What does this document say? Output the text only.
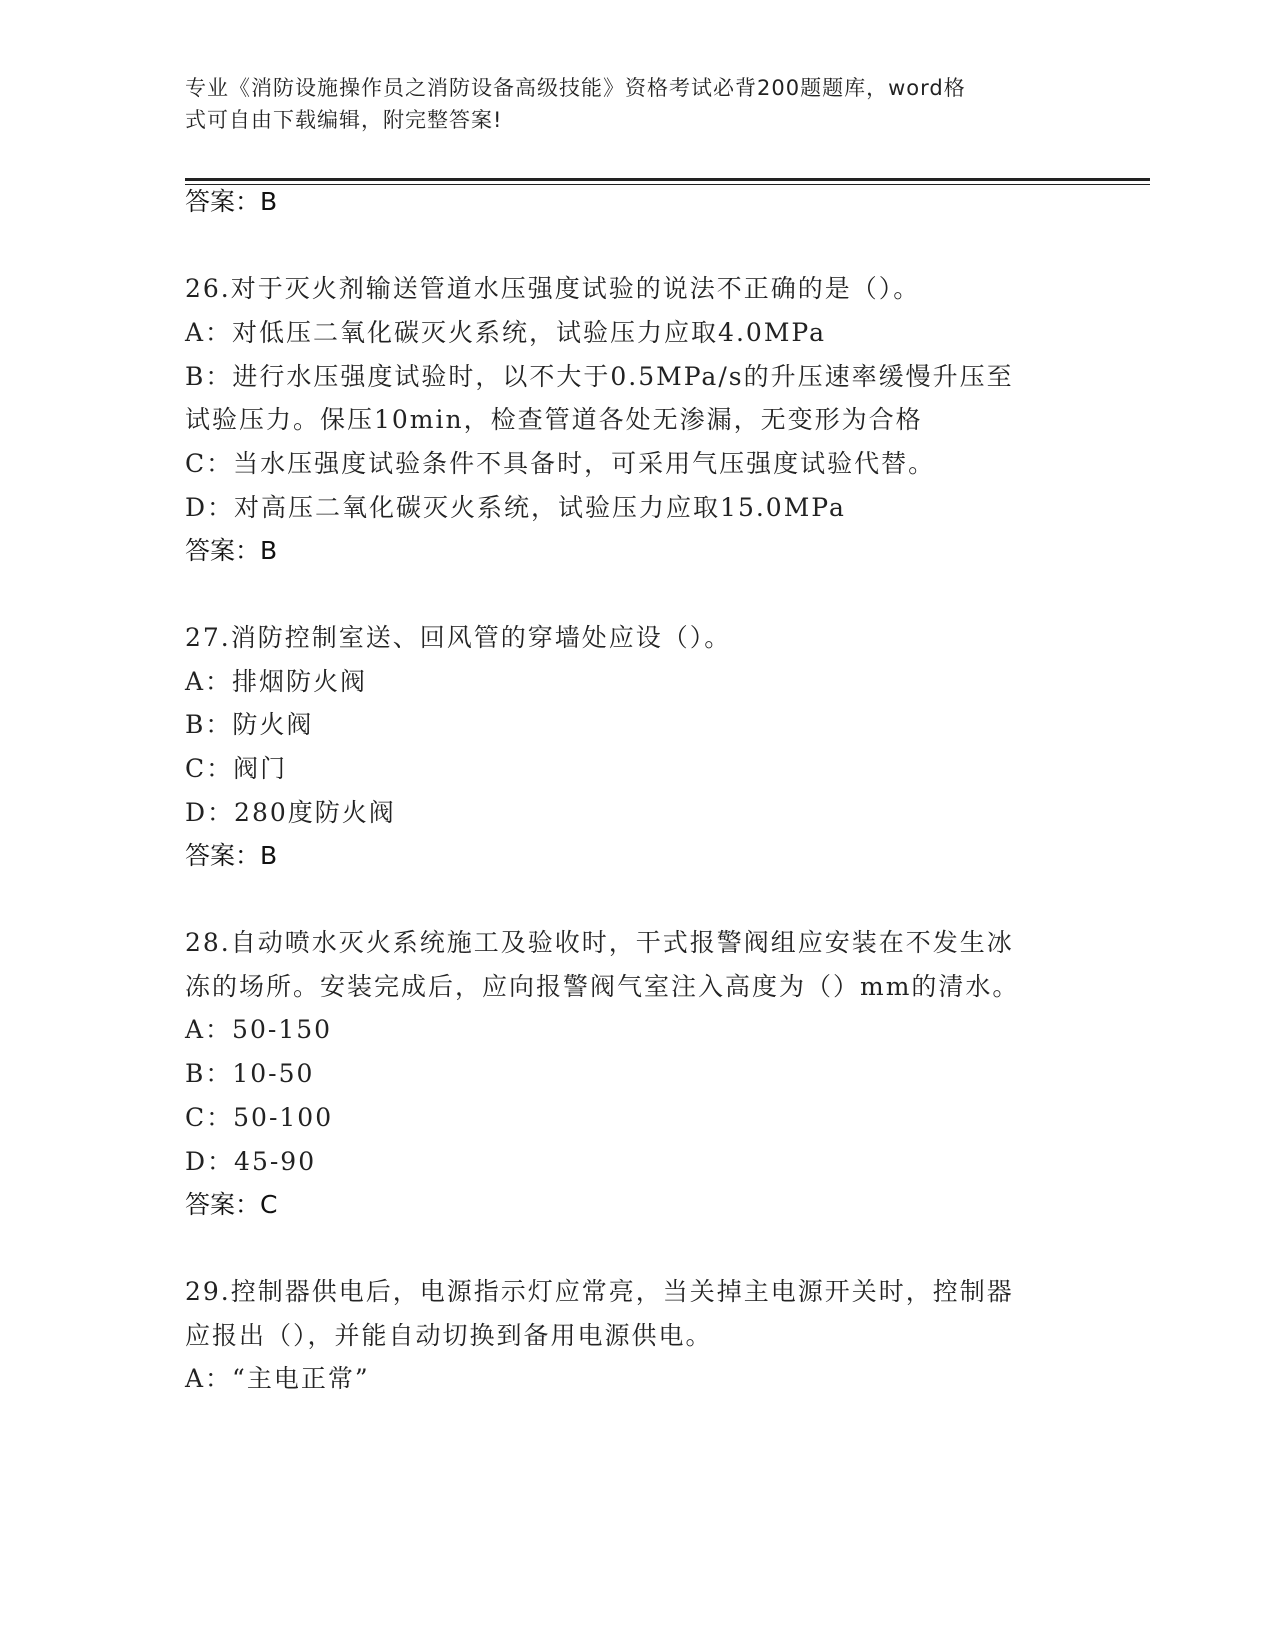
专业《消防设施操作员之消防设备高级技能》资格考试必背200题题库，word格
式可自由下载编辑，附完整答案!
答案：B
26.对于灭火剂输送管道水压强度试验的说法不正确的是（）。
A：对低压二氧化碳灭火系统，试验压力应取4.0MPa
B：进行水压强度试验时，以不大于0.5MPa/s的升压速率缓慢升压至
试验压力。保压10min，检查管道各处无渗漏，无变形为合格
C：当水压强度试验条件不具备时，可采用气压强度试验代替。
D：对高压二氧化碳灭火系统，试验压力应取15.0MPa
答案：B
27.消防控制室送、回风管的穿墙处应设（）。
A：排烟防火阀
B：防火阀
C：阀门
D：280度防火阀
答案：B
28.自动喷水灭火系统施工及验收时，干式报警阀组应安装在不发生冰
冻的场所。安装完成后，应向报警阀气室注入高度为（）mm的清水。
A：50-150
B：10-50
C：50-100
D：45-90
答案：C
29.控制器供电后，电源指示灯应常亮，当关掉主电源开关时，控制器
应报出（），并能自动切换到备用电源供电。
A：“主电正常”
